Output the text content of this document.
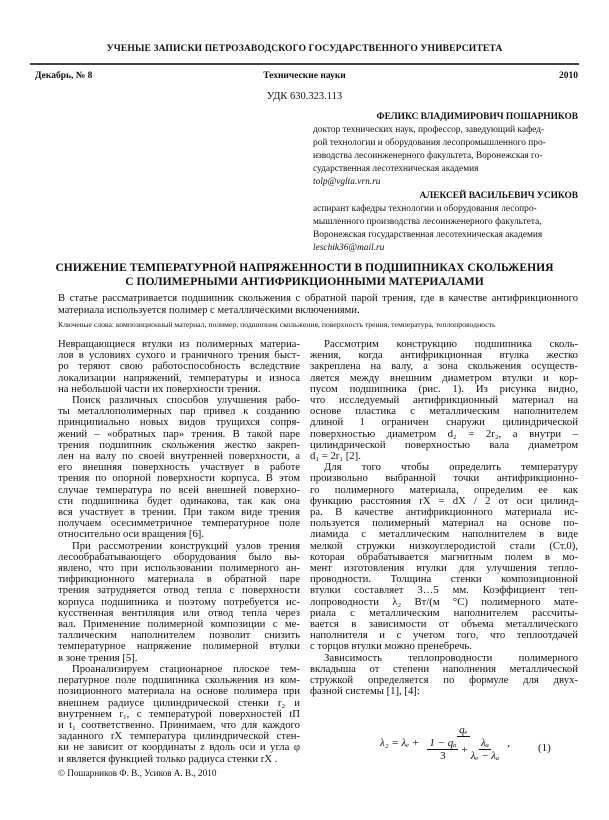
УЧЕНЫЕ ЗАПИСКИ ПЕТРОЗАВОДСКОГО ГОСУДАРСТВЕННОГО УНИВЕРСИТЕТА
Декабрь, № 8	Технические науки	2010
УДК 630.323.113
ФЕЛИКС ВЛАДИМИРОВИЧ ПОШАРНИКОВ
доктор технических наук, профессор, заведующий кафед-
рой технологии и оборудования лесопромышленного про-
изводства лесоинженерного факультета, Воронежская го-
сударственная лесотехническая академия
tolp@vglta.vrn.ru
АЛЕКСЕЙ ВАСИЛЬЕВИЧ УСИКОВ
аспирант кафедры технологии и оборудования лесопро-
мышленного производства лесоинженерного факультета,
Воронежская государственная лесотехническая академия
leschik36@mail.ru
СНИЖЕНИЕ ТЕМПЕРАТУРНОЙ НАПРЯЖЕННОСТИ В ПОДШИПНИКАХ СКОЛЬЖЕНИЯ
С ПОЛИМЕРНЫМИ АНТИФРИКЦИОННЫМИ МАТЕРИАЛАМИ
В статье рассматривается подшипник скольжения с обратной парой трения, где в качестве антифрикционного
материала используется полимер с металлическими включениями.
Ключевые слова: композиционный материал, полимер, подшипник скольжения, поверхность трения, температура, теплопроводность
Невращающиеся втулки из полимерных материа-
лов в условиях сухого и граничного трения быст-
ро теряют свою работоспособность вследствие
локализации напряжений, температуры и износа
на небольшой части их поверхности трения.
Поиск различных способов улучшения рабо-
ты металлополимерных пар привел к созданию
принципиально новых видов трущихся сопря-
жений – «обратных пар» трения. В такой паре
трения подшипник скольжения жестко закреп-
лен на валу по своей внутренней поверхности, а
его внешняя поверхность участвует в работе
трения по опорной поверхности корпуса. В этом
случае температура по всей внешней поверхно-
сти подшипника будет одинакова, так как она
вся участвует в трении. При таком виде трения
получаем осесимметричное температурное поле
относительно оси вращения [6].
При рассмотрении конструкций узлов трения
лесообрабатывающего оборудования было вы-
явлено, что при использовании полимерного ан-
тифрикционного материала в обратной паре
трения затрудняется отвод тепла с поверхности
корпуса подшипника и поэтому потребуется ис-
кусственная вентиляция или отвод тепла через
вал. Применение полимерной композиции с ме-
таллическим наполнителем позволит снизить
температурное напряжение полимерной втулки
в зоне трения [5].
Проанализируем стационарное плоское тем-
пературное поле подшипника скольжения из ком-
позиционного материала на основе полимера при
внешнем радиусе цилиндрической стенки r₂ и
внутреннем r₁, с температурой поверхностей tП
и t₁ соответственно. Принимаем, что для каждого
заданного rX температура цилиндрической стен-
ки не зависит от координаты z вдоль оси и угла φ
и является функцией только радиуса стенки rX .
Рассмотрим конструкцию подшипника сколь-
жения, когда антифрикционная втулка жестко
закреплена на валу, а зона скольжения осуществ-
ляется между внешним диаметром втулки и кор-
пусом подшипника (рис. 1). Из рисунка видно,
что исследуемый антифрикционный материал на
основе пластика с металлическим наполнителем
длиной l ограничен снаружи цилиндрической
поверхностью диаметром d₂ = 2r₂, а внутри –
цилиндрической поверхностью вала диаметром
d₁ = 2r₁ [2].
Для того чтобы определить температуру
произвольно выбранной точки антифрикционно-
го полимерного материала, определим ее как
функцию расстояния rX = dX / 2 от оси цилинд-
ра. В качестве антифрикционного материала ис-
пользуется полимерный материал на основе по-
лиамида с металлическим наполнителем в виде
мелкой стружки низкоуглеродистой стали (Ст.0),
которая обрабатывается магнитным полем в мо-
мент изготовления втулки для улучшения тепло-
проводности. Толщина стенки композиционной
втулки составляет 3…5 мм. Коэффициент теп-
лопроводности λ₂ Вт/(м °С) полимерного мате-
риала с металлическим наполнителем рассчиты-
вается в зависимости от объема металлического
наполнителя и с учетом того, что теплоотдачей
с торцов втулки можно пренебречь.
Зависимость теплопроводности полимерного
вкладыша от степени наполнения металлической
стружкой определяется по формуле для двух-
фазной системы [1], [4]:
λ₂ = λₑ +
qₑ
$\frac{\text{1 − qₐ}}{3} + \frac{\text{λₐ}}{\text{λₑ − λₐ}}$ ,	(1)
© Пошарников Ф. В., Усиков А. В., 2010
